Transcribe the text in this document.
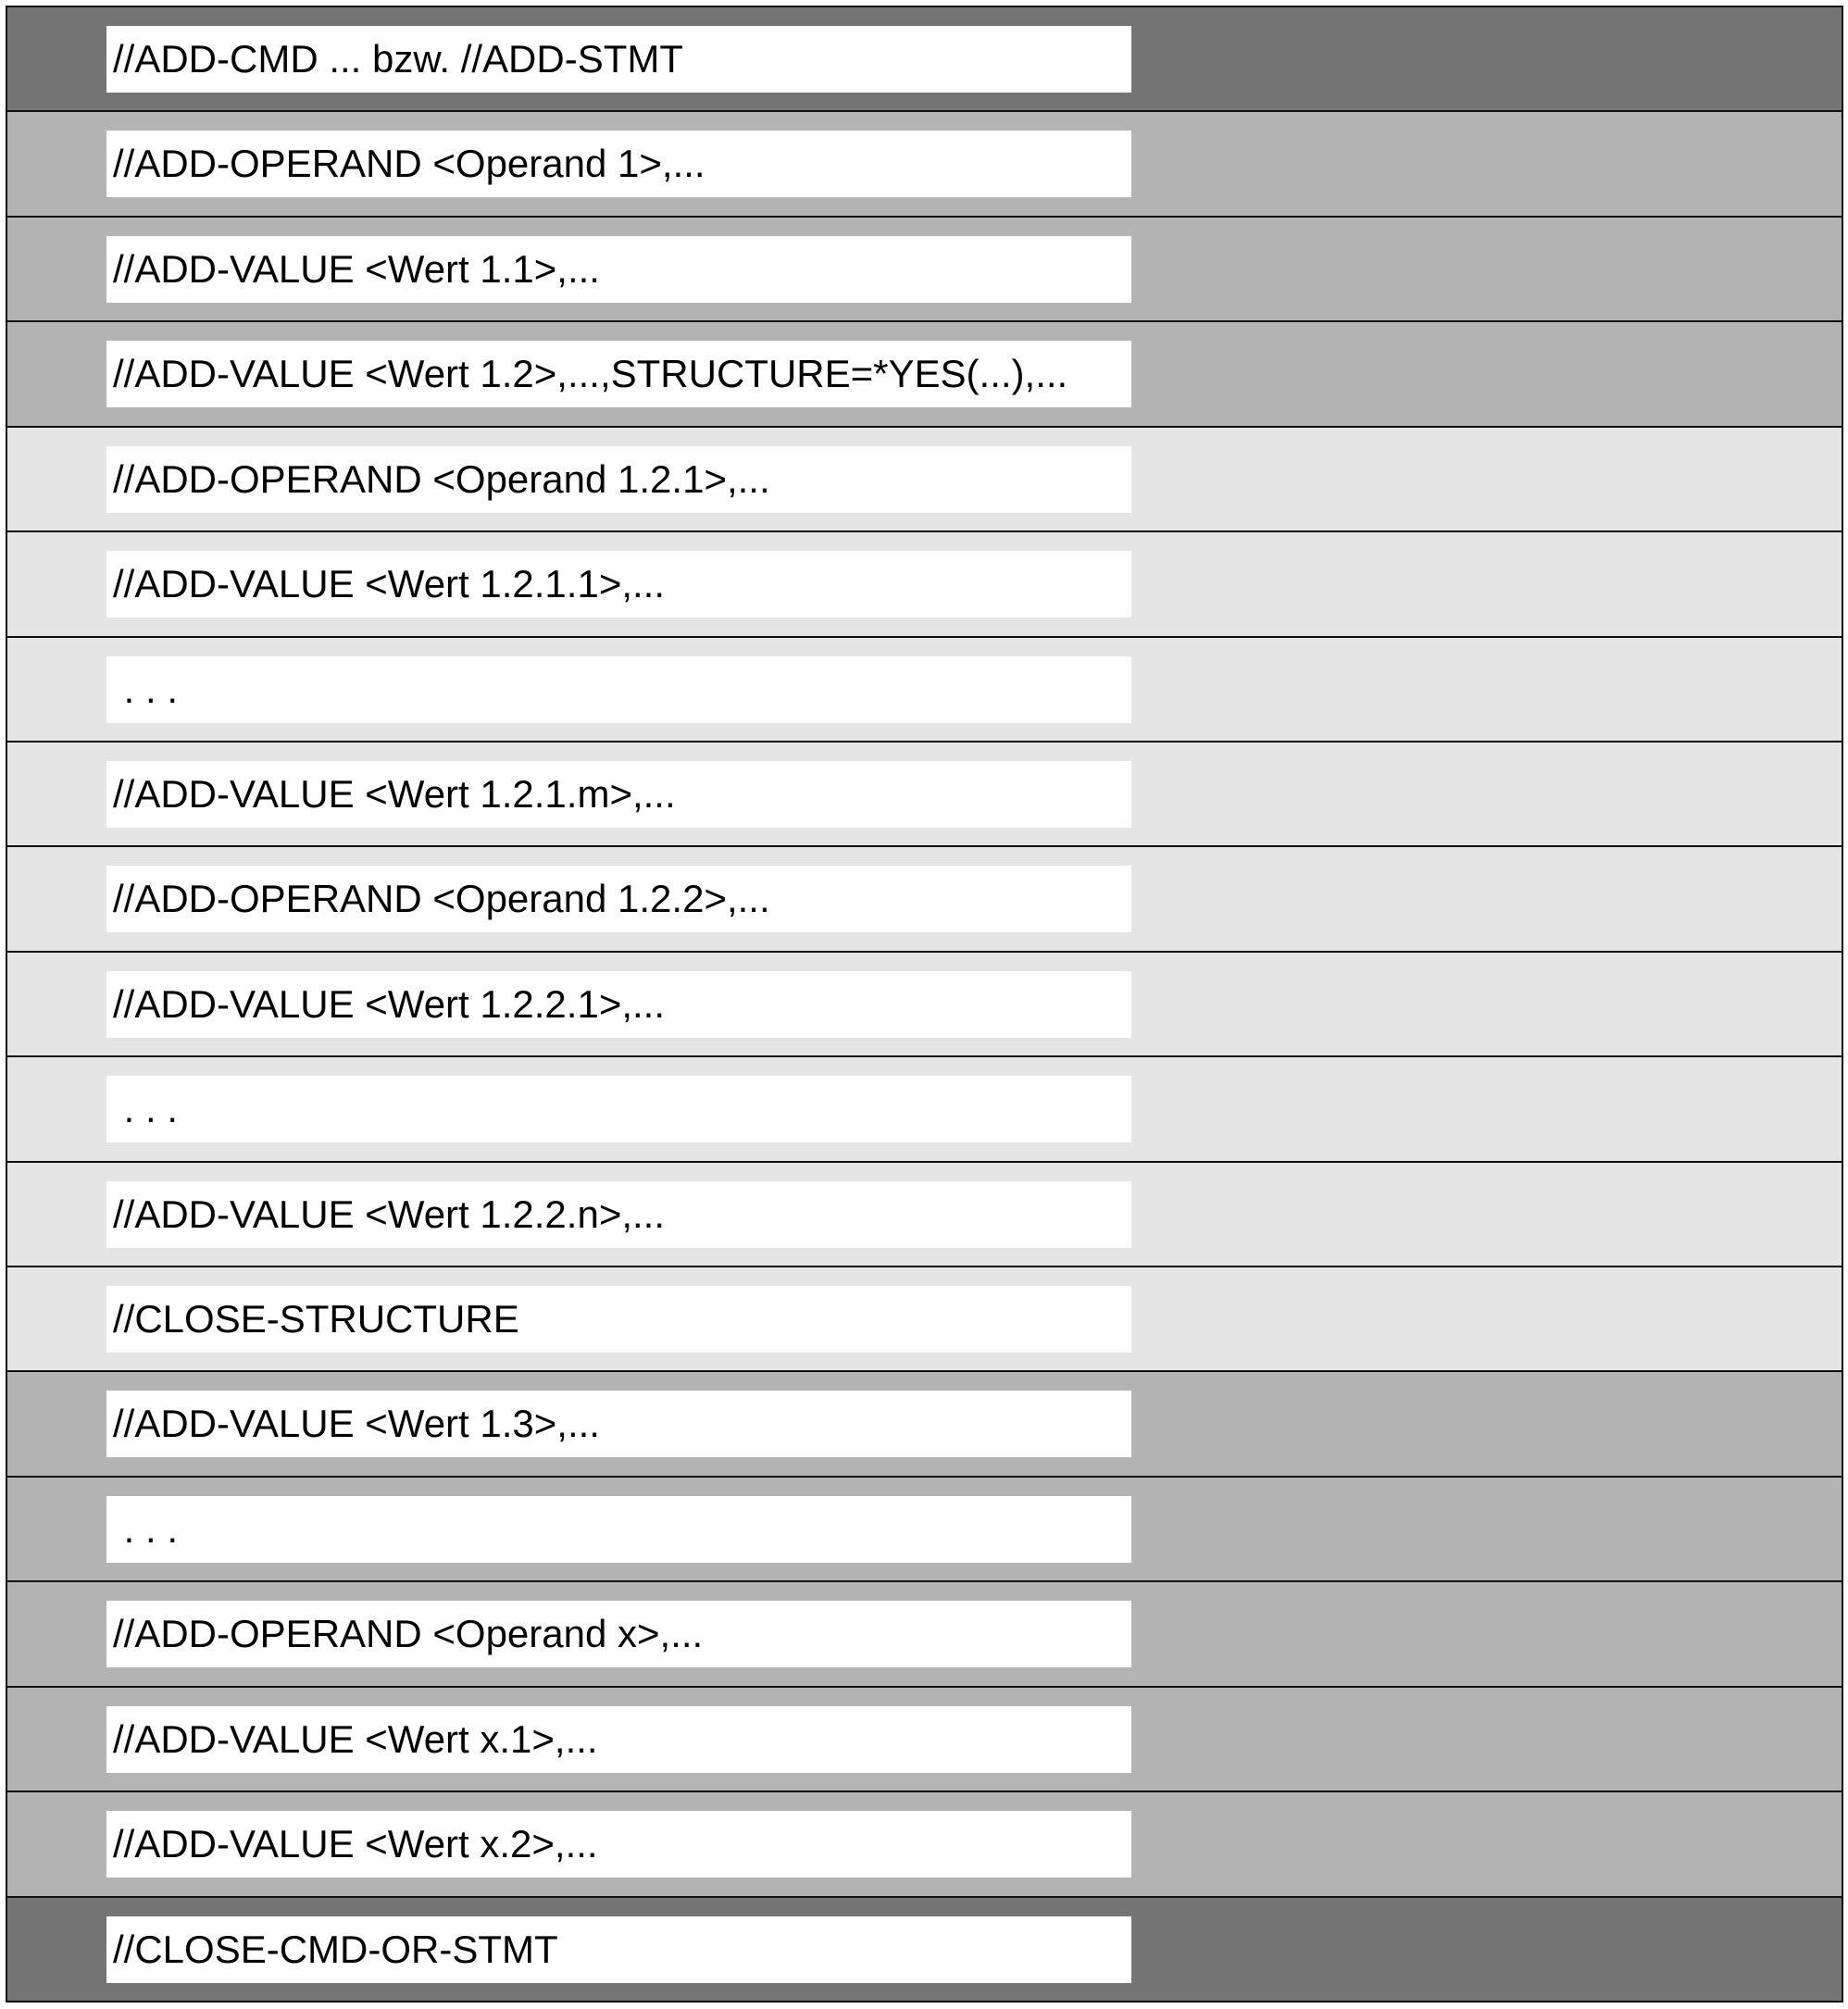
//ADD-CMD ... bzw. //ADD-STMT
//ADD-OPERAND <Operand 1>,...
//ADD-VALUE <Wert 1.1>,...
//ADD-VALUE <Wert 1.2>,...,STRUCTURE=*YES(...),...
//ADD-OPERAND <Operand 1.2.1>,...
//ADD-VALUE <Wert 1.2.1.1>,...
. . .
//ADD-VALUE <Wert 1.2.1.m>,...
//ADD-OPERAND <Operand 1.2.2>,...
//ADD-VALUE <Wert 1.2.2.1>,...
. . .
//ADD-VALUE <Wert 1.2.2.n>,...
//CLOSE-STRUCTURE
//ADD-VALUE <Wert 1.3>,...
. . .
//ADD-OPERAND <Operand x>,...
//ADD-VALUE <Wert x.1>,...
//ADD-VALUE <Wert x.2>,...
//CLOSE-CMD-OR-STMT
